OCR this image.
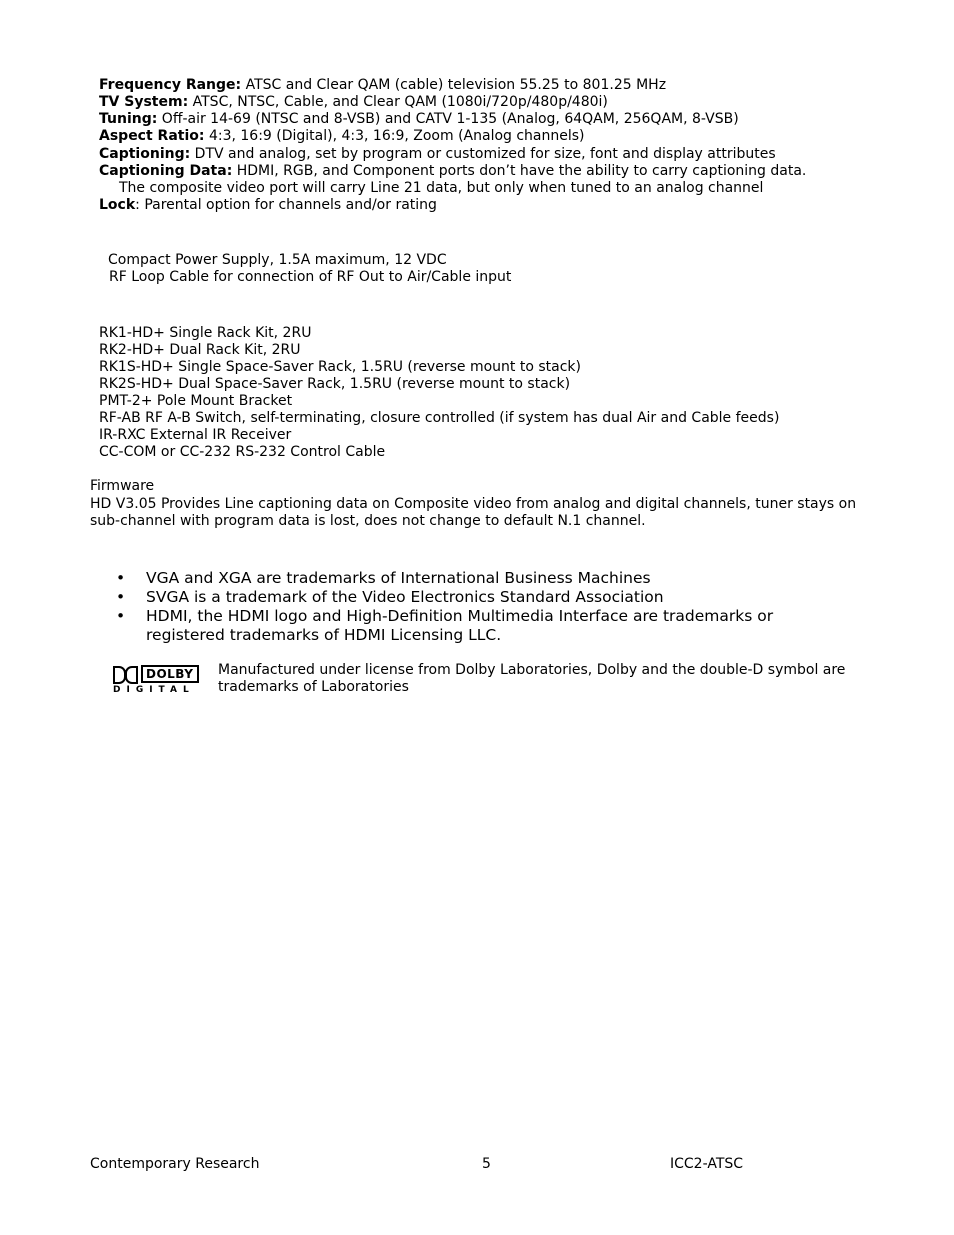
Frequency Range: ATSC and Clear QAM (cable) television 55.25 to 801.25 MHz
TV System: ATSC, NTSC, Cable, and Clear QAM (1080i/720p/480p/480i)
Tuning: Off-air 14-69 (NTSC and 8-VSB) and CATV 1-135 (Analog, 64QAM, 256QAM, 8-VSB)
Aspect Ratio: 4:3, 16:9 (Digital), 4:3, 16:9, Zoom (Analog channels)
Captioning: DTV and analog, set by program or customized for size, font and display attributes
Captioning Data: HDMI, RGB, and Component ports don’t have the ability to carry captioning data.
The composite video port will carry Line 21 data, but only when tuned to an analog channel
Lock: Parental option for channels and/or rating
Compact Power Supply, 1.5A maximum, 12 VDC
RF Loop Cable for connection of RF Out to Air/Cable input
RK1-HD+ Single Rack Kit, 2RU
RK2-HD+ Dual Rack Kit, 2RU
RK1S-HD+ Single Space-Saver Rack, 1.5RU (reverse mount to stack)
RK2S-HD+ Dual Space-Saver Rack, 1.5RU (reverse mount to stack)
PMT-2+ Pole Mount Bracket
RF-AB RF A-B Switch, self-terminating, closure controlled (if system has dual Air and Cable feeds)
IR-RXC External IR Receiver
CC-COM or CC-232 RS-232 Control Cable
Firmware
HD V3.05 Provides Line captioning data on Composite video from analog and digital channels, tuner stays on
sub-channel with program data is lost, does not change to default N.1 channel.
• VGA and XGA are trademarks of International Business Machines
• SVGA is a trademark of the Video Electronics Standard Association
• HDMI, the HDMI logo and High-Definition Multimedia Interface are trademarks or registered trademarks of HDMI Licensing LLC.
DOLBY
DIGITAL
Manufactured under license from Dolby Laboratories, Dolby and the double-D symbol are
trademarks of Laboratories
Contemporary Research	5	ICC2-ATSC
